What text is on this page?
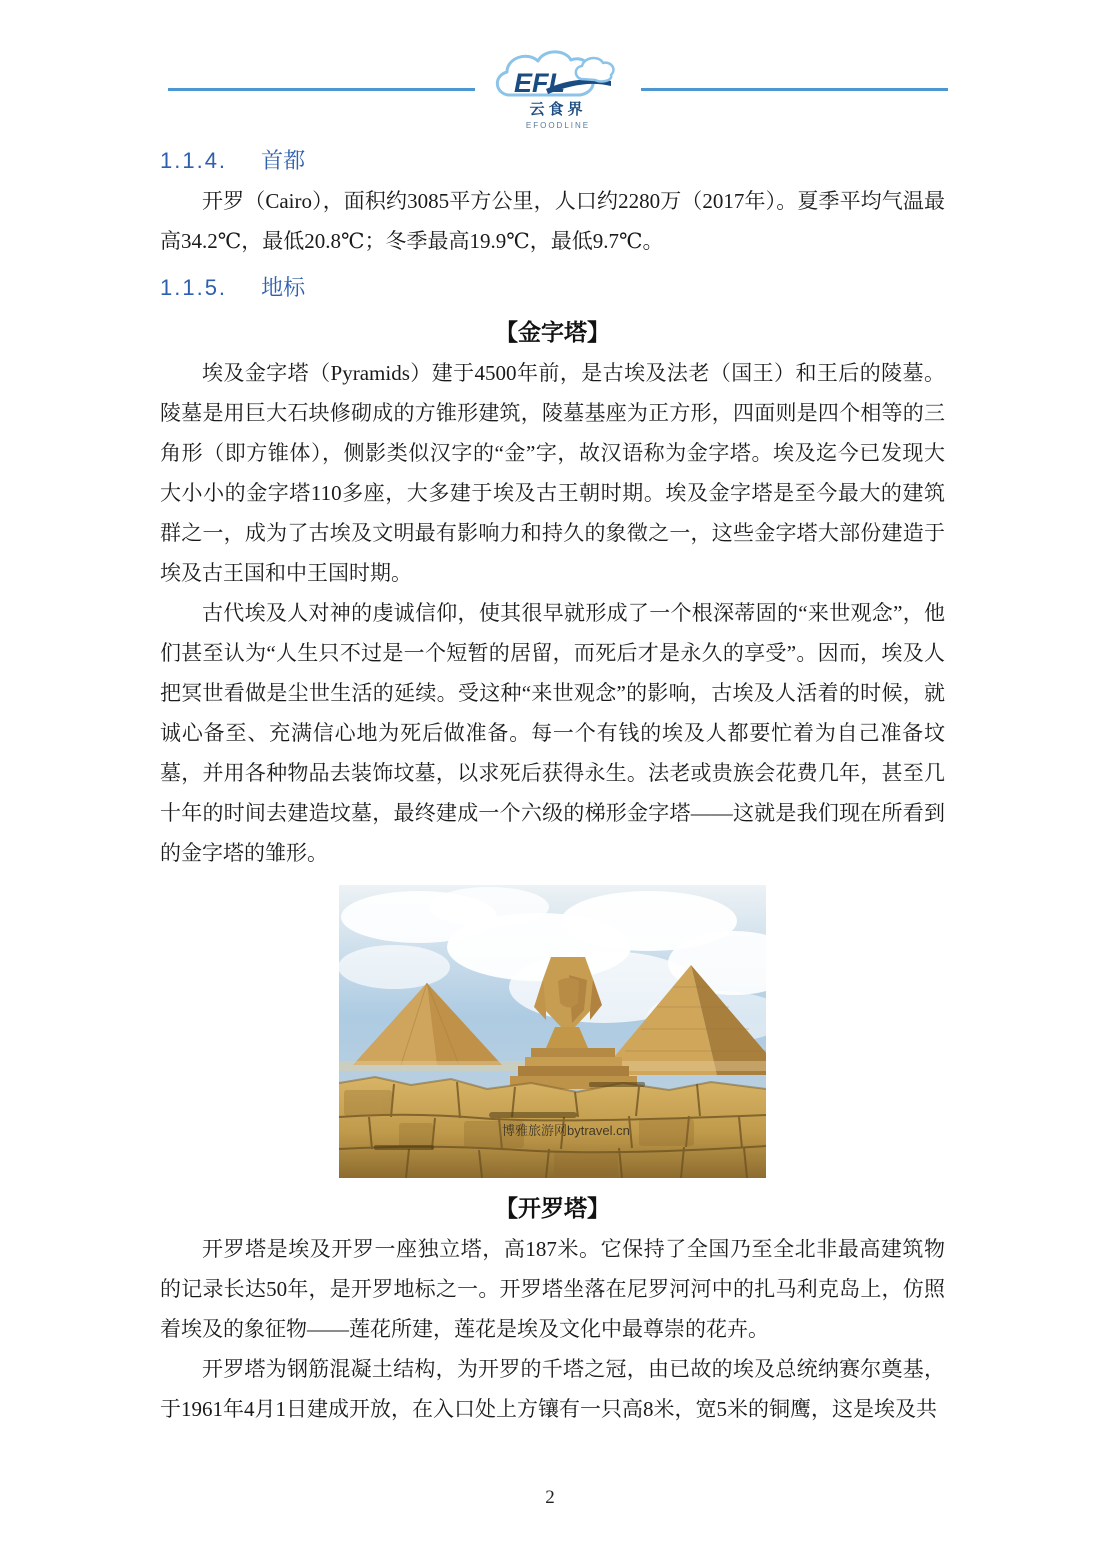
EFL
云食界
EFOODLINE
1.1.4. 首都

开罗（Cairo），面积约3085平方公里，人口约2280万（2017年）。夏季平均气温最高34.2℃，最低20.8℃；冬季最高19.9℃，最低9.7℃。

1.1.5. 地标
【金字塔】

埃及金字塔（Pyramids）建于4500年前，是古埃及法老（国王）和王后的陵墓。陵墓是用巨大石块修砌成的方锥形建筑，陵墓基座为正方形，四面则是四个相等的三角形（即方锥体），侧影类似汉字的“金”字，故汉语称为金字塔。埃及迄今已发现大大小小的金字塔110多座，大多建于埃及古王朝时期。埃及金字塔是至今最大的建筑群之一，成为了古埃及文明最有影响力和持久的象徵之一，这些金字塔大部份建造于埃及古王国和中王国时期。

古代埃及人对神的虔诚信仰，使其很早就形成了一个根深蒂固的“来世观念”，他们甚至认为“人生只不过是一个短暂的居留，而死后才是永久的享受”。因而，埃及人把冥世看做是尘世生活的延续。受这种“来世观念”的影响，古埃及人活着的时候，就诚心备至、充满信心地为死后做准备。每一个有钱的埃及人都要忙着为自己准备坟墓，并用各种物品去装饰坟墓，以求死后获得永生。法老或贵族会花费几年，甚至几十年的时间去建造坟墓，最终建成一个六级的梯形金字塔——这就是我们现在所看到的金字塔的雏形。

博雅旅游网bytravel.cn
【开罗塔】

开罗塔是埃及开罗一座独立塔，高187米。它保持了全国乃至全北非最高建筑物的记录长达50年，是开罗地标之一。开罗塔坐落在尼罗河河中的扎马利克岛上，仿照着埃及的象征物——莲花所建，莲花是埃及文化中最尊崇的花卉。

开罗塔为钢筋混凝土结构，为开罗的千塔之冠，由已故的埃及总统纳赛尔奠基，于1961年4月1日建成开放，在入口处上方镶有一只高8米，宽5米的铜鹰，这是埃及共

2
